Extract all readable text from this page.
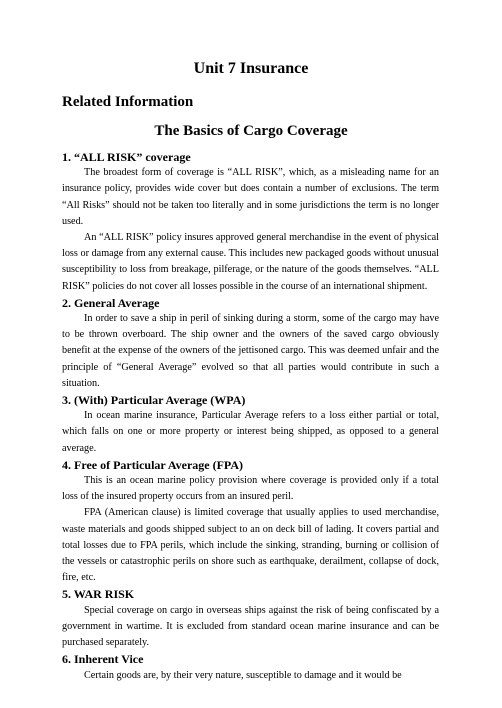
Unit 7 Insurance
Related Information
The Basics of Cargo Coverage
1. “ALL RISK” coverage

The broadest form of coverage is “ALL RISK”, which, as a misleading name for an insurance policy, provides wide cover but does contain a number of exclusions. The term “All Risks” should not be taken too literally and in some jurisdictions the term is no longer used.

An “ALL RISK” policy insures approved general merchandise in the event of physical loss or damage from any external cause. This includes new packaged goods without unusual susceptibility to loss from breakage, pilferage, or the nature of the goods themselves. “ALL RISK” policies do not cover all losses possible in the course of an international shipment.

2. General Average

In order to save a ship in peril of sinking during a storm, some of the cargo may have to be thrown overboard. The ship owner and the owners of the saved cargo obviously benefit at the expense of the owners of the jettisoned cargo. This was deemed unfair and the principle of “General Average” evolved so that all parties would contribute in such a situation.

3. (With) Particular Average (WPA)

In ocean marine insurance, Particular Average refers to a loss either partial or total, which falls on one or more property or interest being shipped, as opposed to a general average.

4. Free of Particular Average (FPA)

This is an ocean marine policy provision where coverage is provided only if a total loss of the insured property occurs from an insured peril.

FPA (American clause) is limited coverage that usually applies to used merchandise, waste materials and goods shipped subject to an on deck bill of lading. It covers partial and total losses due to FPA perils, which include the sinking, stranding, burning or collision of the vessels or catastrophic perils on shore such as earthquake, derailment, collapse of dock, fire, etc.

5. WAR RISK

Special coverage on cargo in overseas ships against the risk of being confiscated by a government in wartime. It is excluded from standard ocean marine insurance and can be purchased separately.

6. Inherent Vice

Certain goods are, by their very nature, susceptible to damage and it would be
